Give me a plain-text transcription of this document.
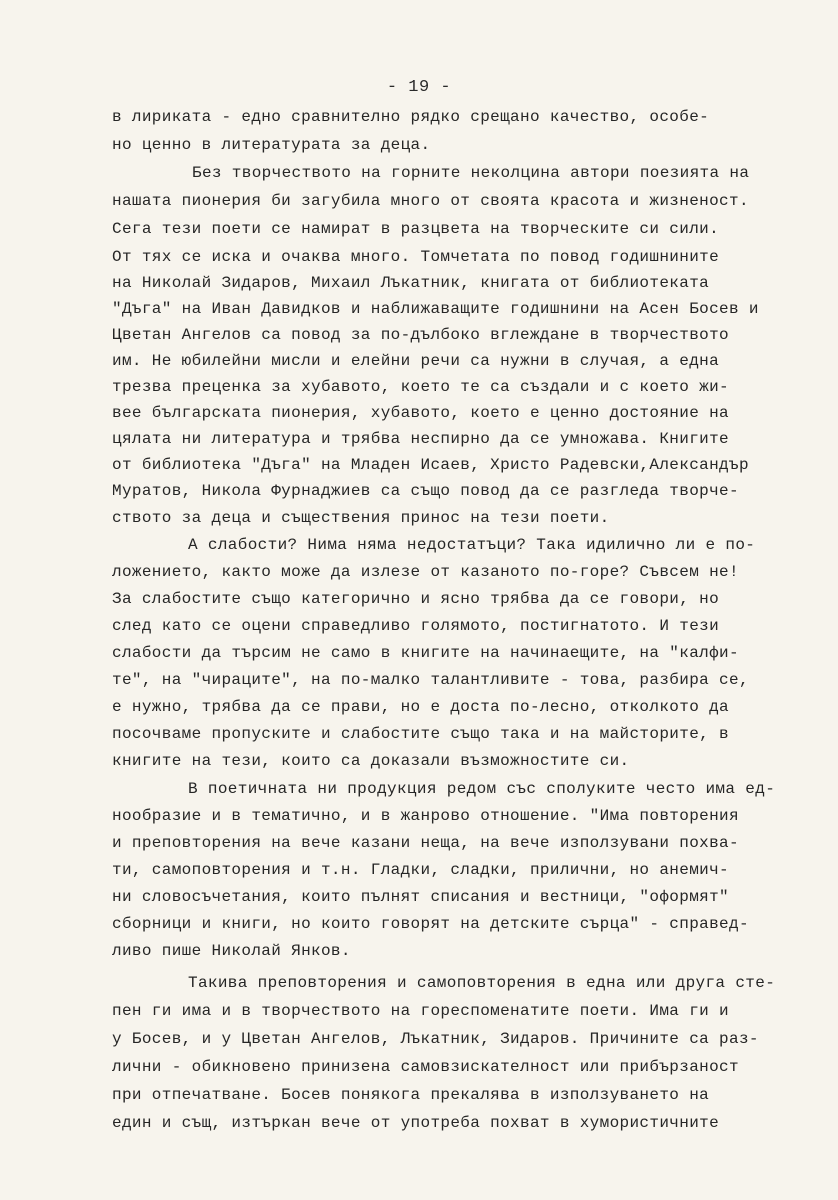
- 19 -
в лириката - едно сравнително рядко срещано качество, особе-
но ценно в литературата за деца.
Без творчеството на горните неколцина автори поезията на
нашата пионерия би загубила много от своята красота и жизненост.
Сега тези поети се намират в разцвета на творческите си сили.
От тях се иска и очаква много. Томчетата по повод годишнините
на Николай Зидаров, Михаил Лъкатник, книгата от библиотеката
"Дъга" на Иван Давидков и наближаващите годишнини на Асен Босев и
Цветан Ангелов са повод за по-дълбоко вглеждане в творчеството
им. Не юбилейни мисли и елейни речи са нужни в случая, а една
трезва преценка за хубавото, което те са създали и с което жи-
вее българската пионерия, хубавото, което е ценно достояние на
цялата ни литература и трябва неспирно да се умножава. Книгите
от библиотека "Дъга" на Младен Исаев, Христо Радевски,Александър
Муратов, Никола Фурнаджиев са също повод да се разгледа творче-
ството за деца и съществения принос на тези поети.
А слабости? Нима няма недостатъци? Така идилично ли е по-
ложението, както може да излезе от казаното по-горе? Съвсем не!
За слабостите също категорично и ясно трябва да се говори, но
след като се оцени справедливо голямото, постигнатото. И тези
слабости да търсим не само в книгите на начинаещите, на "калфи-
те", на "чираците", на по-малко талантливите - това, разбира се,
е нужно, трябва да се прави, но е доста по-лесно, отколкото да
посочваме пропуските и слабостите също така и на майсторите, в
книгите на тези, които са доказали възможностите си.
В поетичната ни продукция редом със сполуките често има ед-
нообразие и в тематично, и в жанрово отношение. "Има повторения
и преповторения на вече казани неща, на вече използувани похва-
ти, самоповторения и т.н. Гладки, сладки, прилични, но анемич-
ни словосъчетания, които пълнят списания и вестници, "оформят"
сборници и книги, но които говорят на детските сърца" - справед-
ливо пише Николай Янков.
Такива преповторения и самоповторения в една или друга сте-
пен ги има и в творчеството на гореспоменатите поети. Има ги и
у Босев, и у Цветан Ангелов, Лъкатник, Зидаров. Причините са раз-
лични - обикновено принизена самовзискателност или прибързаност
при отпечатване. Босев понякога прекалява в използуването на
един и същ, изтъркан вече от употреба похват в хумористичните
